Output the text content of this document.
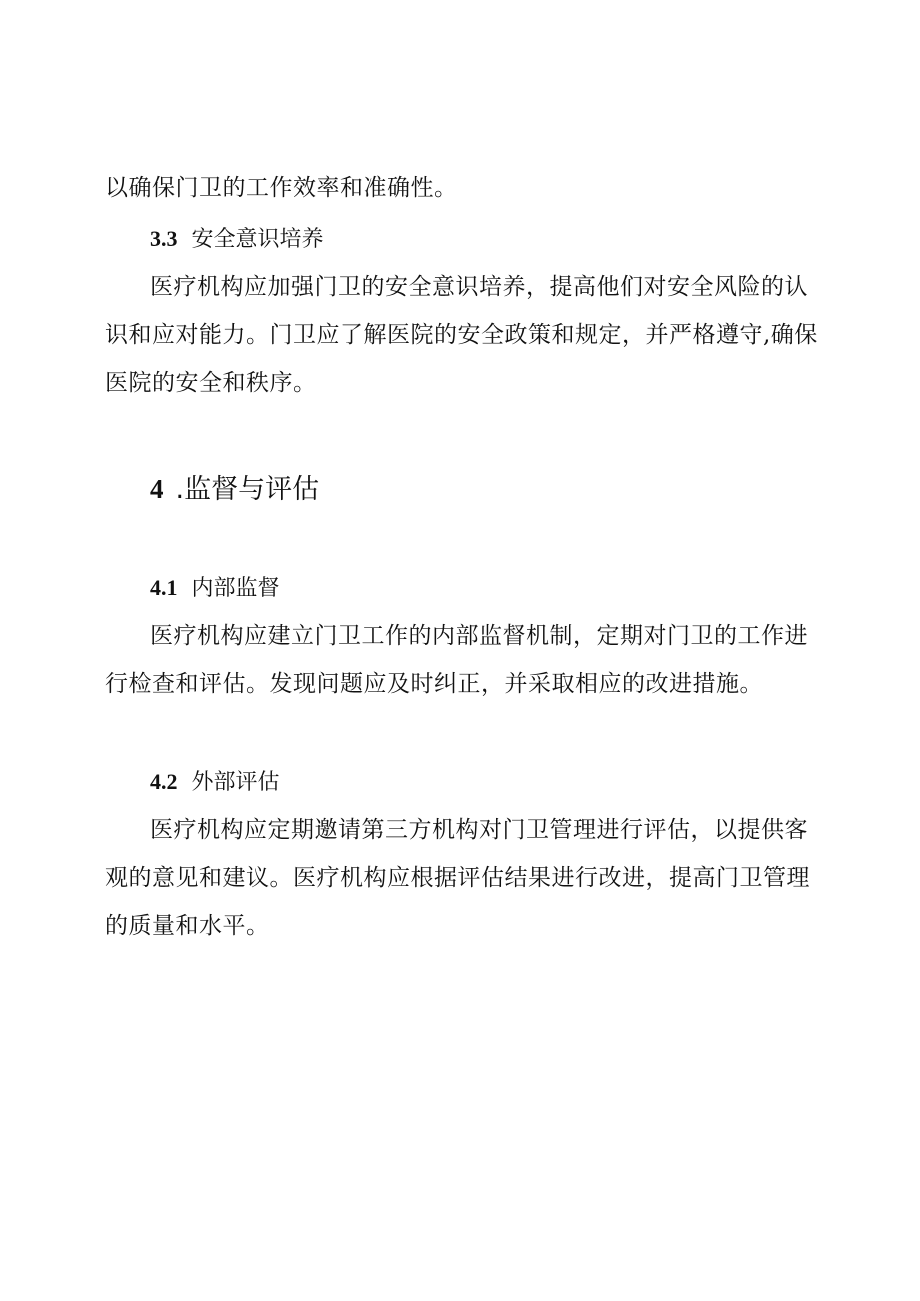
以确保门卫的工作效率和准确性。
3.3 安全意识培养
医疗机构应加强门卫的安全意识培养，提高他们对安全风险的认
识和应对能力。门卫应了解医院的安全政策和规定，并严格遵守,确保
医院的安全和秩序。
4 .监督与评估
4.1 内部监督
医疗机构应建立门卫工作的内部监督机制，定期对门卫的工作进
行检查和评估。发现问题应及时纠正，并采取相应的改进措施。
4.2 外部评估
医疗机构应定期邀请第三方机构对门卫管理进行评估，以提供客
观的意见和建议。医疗机构应根据评估结果进行改进，提高门卫管理
的质量和水平。
